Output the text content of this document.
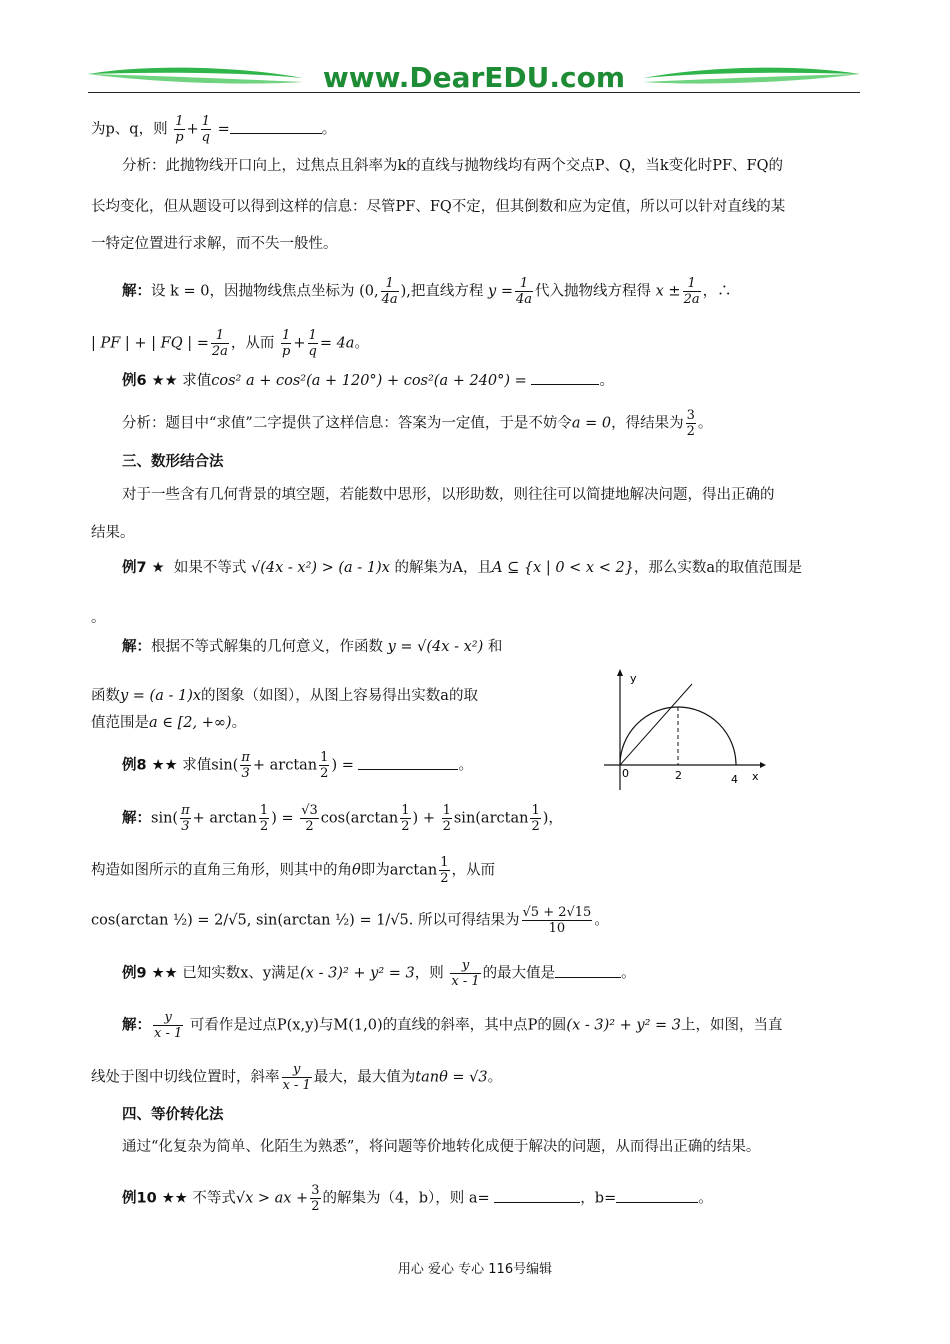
www.DearEDU.com
为p、q，则 $\frac{1}{p} + \frac{1}{q}$ =	。
分析：此抛物线开口向上，过焦点且斜率为k的直线与抛物线均有两个交点P、Q，当k变化时PF、FQ的
长均变化，但从题设可以得到这样的信息：尽管PF、FQ不定，但其倒数和应为定值，所以可以针对直线的某
一特定位置进行求解，而不失一般性。
解：设 k = 0，因抛物线焦点坐标为 (0, $\frac{1}{4a}$ ),把直线方程 $y = \frac{1}{4a}$ 代入抛物线方程得 $x \pm \frac{1}{2a}$ ，∴
| PF | + | FQ | = $\frac{1}{2a}$ ，从而 $\frac{1}{p} + \frac{1}{q} = 4a$。
例6 ★★ 求值cos² a + cos²(a + 120°) + cos²(a + 240°) =	。
分析：题目中“求值”二字提供了这样信息：答案为一定值，于是不妨令a = 0，得结果为 $\frac{3}{2}$ 。
三、数形结合法
对于一些含有几何背景的填空题，若能数中思形，以形助数，则往往可以简捷地解决问题，得出正确的
结果。
例7 ★ 如果不等式 √(4x - x²) > (a - 1)x 的解集为A，且A ⊆ {x | 0 < x < 2}，那么实数a的取值范围是
。
解：根据不等式解集的几何意义，作函数 y = √(4x - x²) 和
函数y = (a - 1)x的图象（如图），从图上容易得出实数a的取
值范围是a ∈ [2, +∞)。
y
x
0	2	4
例8 ★★ 求值$\sin( \frac{\pi}{3} + \arctan \frac{1}{2}$ ) =	。
解：$\sin( \frac{\pi}{3} + \arctan \frac{1}{2}$ ) = $\frac{√3}{2} \cos(\arctan \frac{1}{2}$ ) + $\frac{1}{2} \sin(\arctan \frac{1}{2}$ )，
构造如图所示的直角三角形，则其中的角θ即为$\arctan \frac{1}{2}$ ，从而
cos(arctan ½) = 2/√5, sin(arctan ½) = 1/√5. 所以可得结果为 $\frac{√5 + 2√15}{10}$ 。
例9 ★★ 已知实数x、y满足(x - 3)² + y² = 3，则 $\frac{y}{x - 1}$ 的最大值是	。
解： $\frac{y}{x - 1}$ 可看作是过点P(x,y)与M(1,0)的直线的斜率，其中点P的圆(x - 3)² + y² = 3上，如图，当直
线处于图中切线位置时，斜率 $\frac{y}{x - 1}$ 最大，最大值为tanθ = √3。
四、等价转化法
通过“化复杂为简单、化陌生为熟悉”，将问题等价地转化成便于解决的问题，从而得出正确的结果。
例10 ★★ 不等式√x > ax + $\frac{3}{2}$ 的解集为（4，b），则 a=	，b=	。
用心 爱心 专心 116号编辑
